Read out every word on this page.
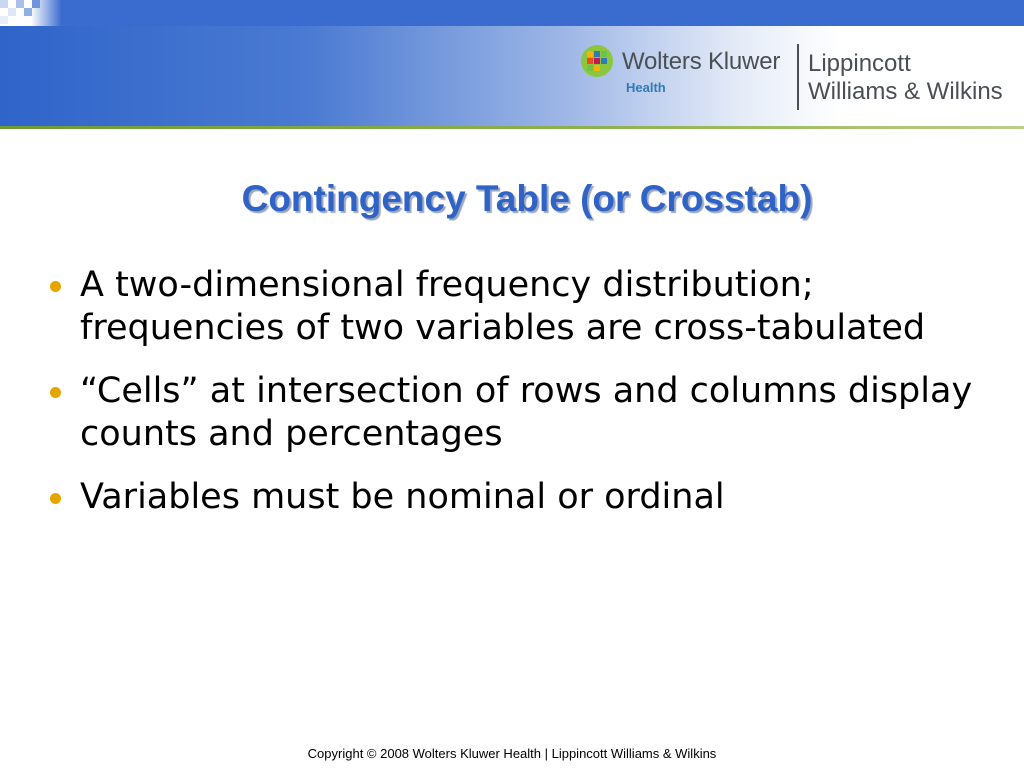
Wolters Kluwer
Health
Lippincott
Williams & Wilkins
Contingency Table (or Crosstab)
A two-dimensional frequency distribution; frequencies of two variables are cross-tabulated
“Cells” at intersection of rows and columns display counts and percentages
Variables must be nominal or ordinal
Copyright © 2008 Wolters Kluwer Health | Lippincott Williams & Wilkins
